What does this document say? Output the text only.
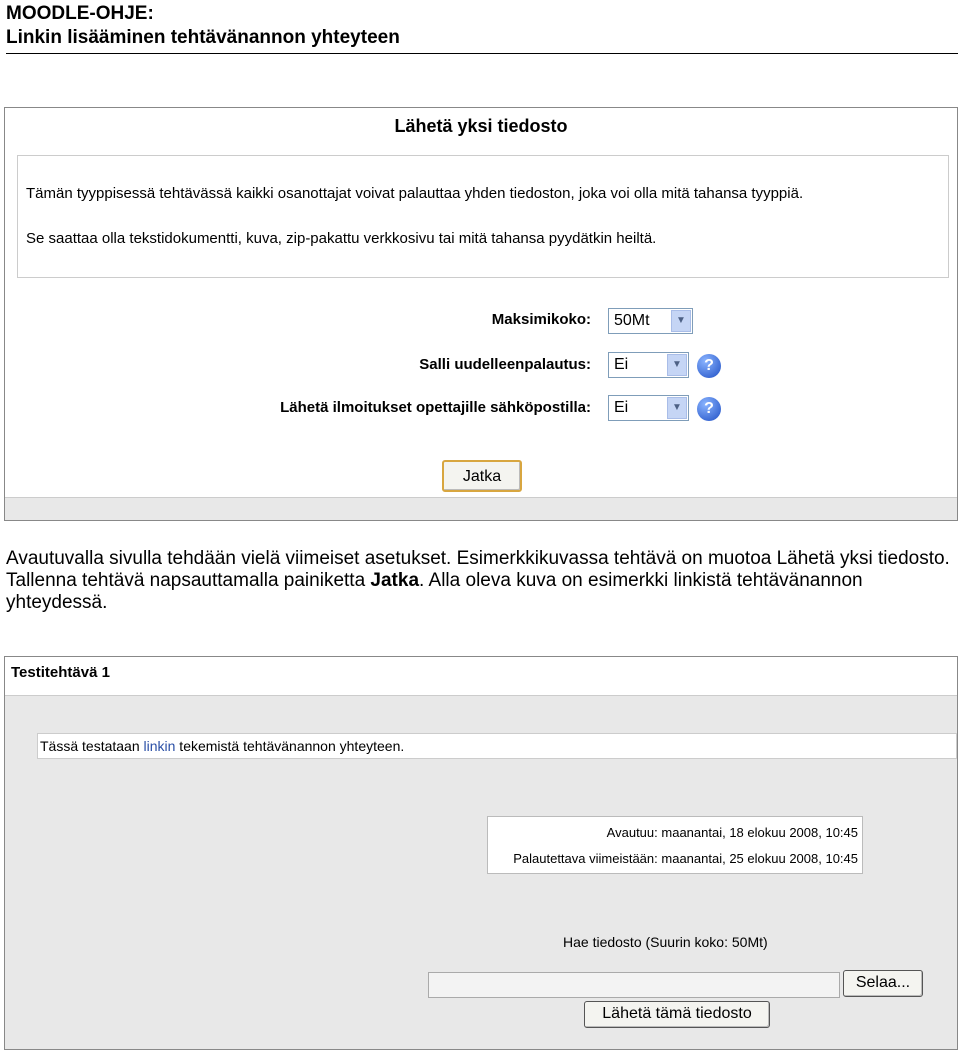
MOODLE-OHJE:
Linkin lisääminen tehtävänannon yhteyteen
Lähetä yksi tiedosto

Tämän tyyppisessä tehtävässä kaikki osanottajat voivat palauttaa yhden tiedoston, joka voi olla mitä tahansa tyyppiä.

Se saattaa olla tekstidokumentti, kuva, zip-pakattu verkkosivu tai mitä tahansa pyydätkin heiltä.

Maksimikoko:	50Mt	▼
Salli uudelleenpalautus:	Ei	▼	?
Lähetä ilmoitukset opettajille sähköpostilla:	Ei	▼	?
Jatka
Avautuvalla sivulla tehdään vielä viimeiset asetukset. Esimerkkikuvassa tehtävä on muotoa Lähetä yksi tiedosto. Tallenna tehtävä napsauttamalla painiketta Jatka. Alla oleva kuva on esimerkki linkistä tehtävänannon yhteydessä.
Testitehtävä 1
Tässä testataan linkin tekemistä tehtävänannon yhteyteen.
Avautuu: maanantai, 18 elokuu 2008, 10:45
Palautettava viimeistään: maanantai, 25 elokuu 2008, 10:45
Hae tiedosto (Suurin koko: 50Mt)
Selaa...
Lähetä tämä tiedosto
